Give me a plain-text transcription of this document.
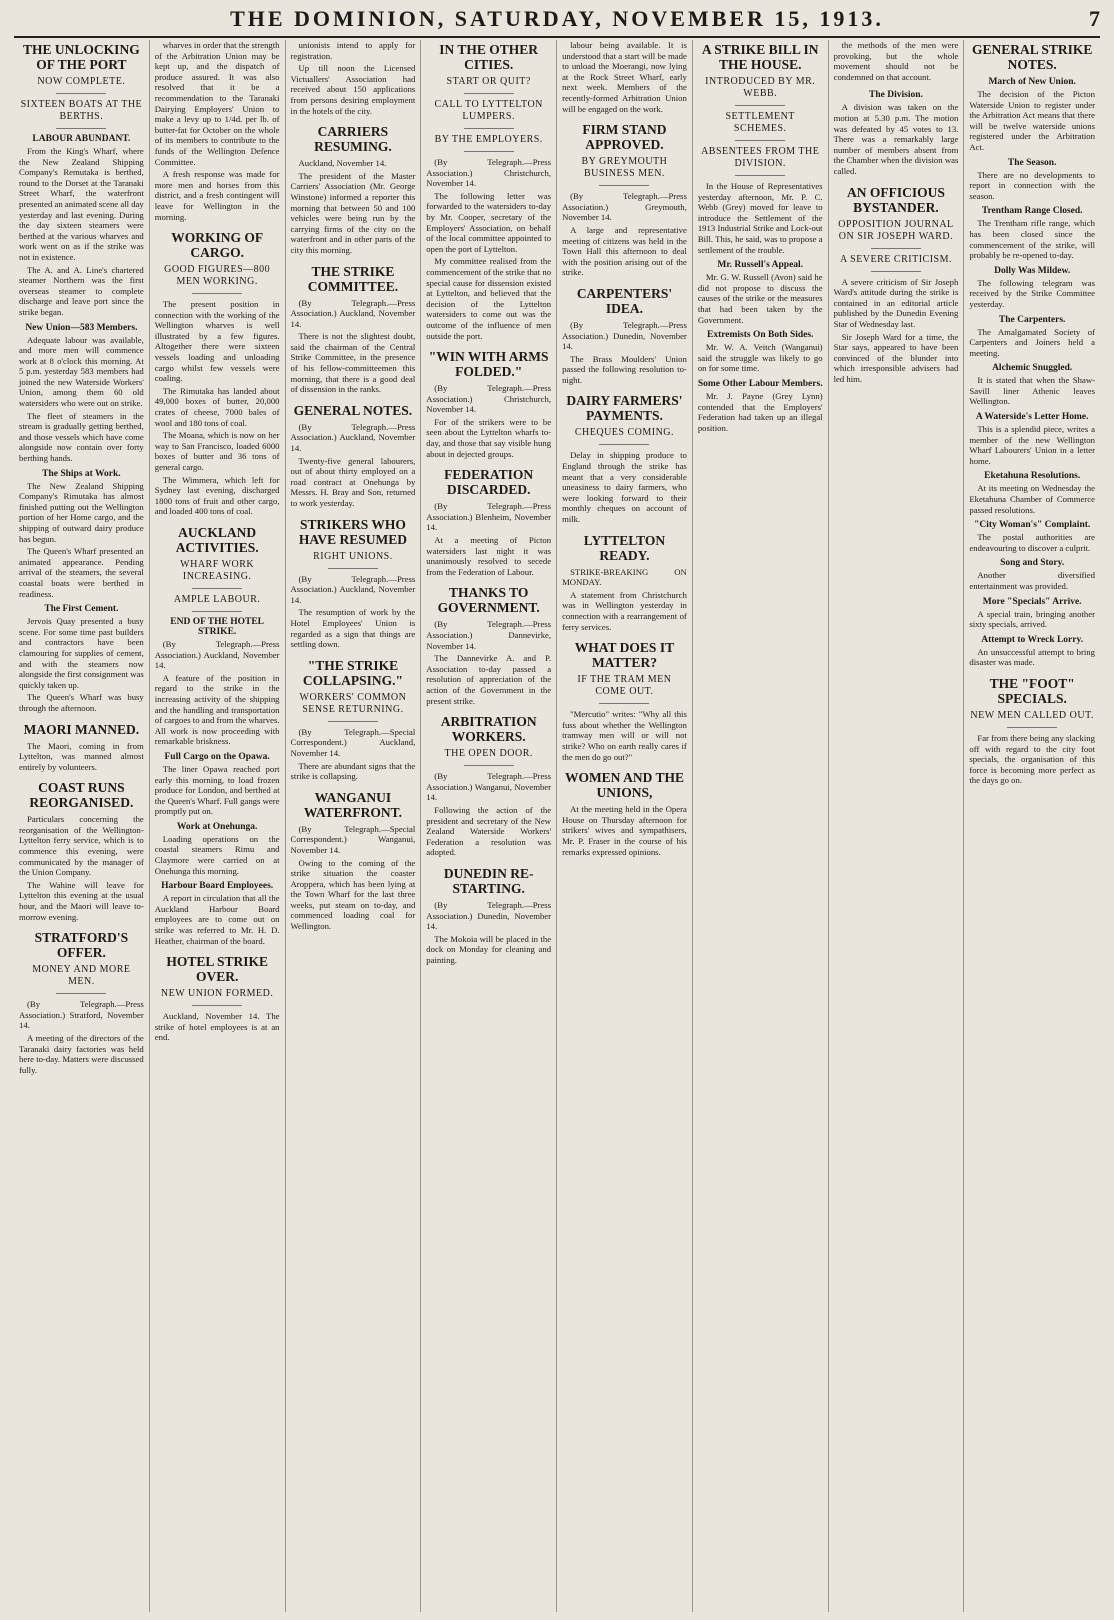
THE DOMINION, SATURDAY, NOVEMBER 15, 1913.	7
THE UNLOCKING OF THE PORT
NOW COMPLETE.
SIXTEEN BOATS AT THE BERTHS.
LABOUR ABUNDANT.

From the King's Wharf, where the New Zealand Shipping Company's Remutaka is berthed, round to the Dorset at the Taranaki Street Wharf, the waterfront presented an animated scene all day yesterday and last evening. During the day sixteen steamers were berthed at the various wharves and work went on as if the strike was not in existence.

The A. and A. Line's chartered steamer Northern was the first overseas steamer to complete discharge and leave port since the strike began.

New Union—583 Members.

Adequate labour was available, and more men will commence work at 8 o'clock this morning. At 5 p.m. yesterday 583 members had joined the new Waterside Workers' Union, among them 60 old watersiders who were out on strike.

The fleet of steamers in the stream is gradually getting berthed, and those vessels which have come alongside now contain over forty berthing hands.

The Ships at Work.

The New Zealand Shipping Company's Rimutaka has almost finished putting out the Wellington portion of her Home cargo, and the shipping of outward dairy produce has begun.

The Queen's Wharf presented an animated appearance. Pending arrival of the steamers, the several coastal boats were berthed in readiness.

The First Cement.

Jervois Quay presented a busy scene. For some time past builders and contractors have been clamouring for supplies of cement, and with the steamers now alongside the first consignment was quickly taken up.

The Queen's Wharf was busy through the afternoon.

MAORI MANNED.

The Maori, coming in from Lyttelton, was manned almost entirely by volunteers.

COAST RUNS REORGANISED.

Particulars concerning the reorganisation of the Wellington-Lyttelton ferry service, which is to commence this evening, were communicated by the manager of the Union Company.

The Wahine will leave for Lyttelton this evening at the usual hour, and the Maori will leave to-morrow evening.

STRATFORD'S OFFER.
MONEY AND MORE MEN.

(By Telegraph.—Press Association.) Stratford, November 14.

A meeting of the directors of the Taranaki dairy factories was held here to-day. Matters were discussed fully.

wharves in order that the strength of the Arbitration Union may be kept up, and the dispatch of produce assured. It was also resolved that it be a recommendation to the Taranaki Dairying Employers' Union to make a levy up to 1/4d. per lb. of butter-fat for October on the whole of its members to contribute to the funds of the Wellington Defence Committee.

A fresh response was made for more men and horses from this district, and a fresh contingent will leave for Wellington in the morning.

WORKING OF CARGO.
GOOD FIGURES—800 MEN WORKING.

The present position in connection with the working of the Wellington wharves is well illustrated by a few figures. Altogether there were sixteen vessels loading and unloading cargo whilst few vessels were coaling.

The Rimutaka has landed about 49,000 boxes of butter, 20,000 crates of cheese, 7000 bales of wool and 180 tons of coal.

The Moana, which is now on her way to San Francisco, loaded 6000 boxes of butter and 36 tons of general cargo.

The Wimmera, which left for Sydney last evening, discharged 1800 tons of fruit and other cargo, and loaded 400 tons of coal.

AUCKLAND ACTIVITIES.
WHARF WORK INCREASING.
AMPLE LABOUR.
END OF THE HOTEL STRIKE.

(By Telegraph.—Press Association.) Auckland, November 14.

A feature of the position in regard to the strike in the increasing activity of the shipping and the handling and transportation of cargoes to and from the wharves. All work is now proceeding with remarkable briskness.

Full Cargo on the Opawa.

The liner Opawa reached port early this morning, to load frozen produce for London, and berthed at the Queen's Wharf. Full gangs were promptly put on.

Work at Onehunga.

Loading operations on the coastal steamers Rimu and Claymore were carried on at Onehunga this morning.

Harbour Board Employees.

A report in circulation that all the Auckland Harbour Board employees are to come out on strike was referred to Mr. H. D. Heather, chairman of the board.

HOTEL STRIKE OVER.
NEW UNION FORMED.

Auckland, November 14. The strike of hotel employees is at an end.

unionists intend to apply for registration.

Up till noon the Licensed Victuallers' Association had received about 150 applications from persons desiring employment in the hotels of the city.

CARRIERS RESUMING.

Auckland, November 14.

The president of the Master Carriers' Association (Mr. George Winstone) informed a reporter this morning that between 50 and 100 vehicles were being run by the carrying firms of the city on the waterfront and in other parts of the city this morning.

THE STRIKE COMMITTEE.

(By Telegraph.—Press Association.) Auckland, November 14.

There is not the slightest doubt, said the chairman of the Central Strike Committee, in the presence of his fellow-committeemen this morning, that there is a good deal of dissension in the ranks.

GENERAL NOTES.

(By Telegraph.—Press Association.) Auckland, November 14.

Twenty-five general labourers, out of about thirty employed on a road contract at Onehunga by Messrs. H. Bray and Son, returned to work yesterday.

STRIKERS WHO HAVE RESUMED
RIGHT UNIONS.

(By Telegraph.—Press Association.) Auckland, November 14.

The resumption of work by the Hotel Employees' Union is regarded as a sign that things are settling down.

"THE STRIKE COLLAPSING."
WORKERS' COMMON SENSE RETURNING.

(By Telegraph.—Special Correspondent.) Auckland, November 14.

There are abundant signs that the strike is collapsing.

WANGANUI WATERFRONT.

(By Telegraph.—Special Correspondent.) Wanganui, November 14.

Owing to the coming of the strike situation the coaster Aroppera, which has been lying at the Town Wharf for the last three weeks, put steam on to-day, and commenced loading coal for Wellington.

IN THE OTHER CITIES.
START OR QUIT?
CALL TO LYTTELTON LUMPERS.
BY THE EMPLOYERS.

(By Telegraph.—Press Association.) Christchurch, November 14.

The following letter was forwarded to the watersiders to-day by Mr. Cooper, secretary of the Employers' Association, on behalf of the local committee appointed to open the port of Lyttelton.

My committee realised from the commencement of the strike that no special cause for dissension existed at Lyttelton, and believed that the decision of the Lyttelton watersiders to come out was the outcome of the influence of men outside the port.

"WIN WITH ARMS FOLDED."

(By Telegraph.—Press Association.) Christchurch, November 14.

For of the strikers were to be seen about the Lyttelton wharfs to-day, and those that say visible hung about in dejected groups.

FEDERATION DISCARDED.

(By Telegraph.—Press Association.) Blenheim, November 14.

At a meeting of Picton watersiders last night it was unanimously resolved to secede from the Federation of Labour.

THANKS TO GOVERNMENT.

(By Telegraph.—Press Association.) Dannevirke, November 14.

The Dannevirke A. and P. Association to-day passed a resolution of appreciation of the action of the Government in the present strike.

ARBITRATION WORKERS.
THE OPEN DOOR.

(By Telegraph.—Press Association.) Wanganui, November 14.

Following the action of the president and secretary of the New Zealand Waterside Workers' Federation a resolution was adopted.

DUNEDIN RE-STARTING.

(By Telegraph.—Press Association.) Dunedin, November 14.

The Mokoia will be placed in the dock on Monday for cleaning and painting.

labour being available. It is understood that a start will be made to unload the Moerangi, now lying at the Rock Street Wharf, early next week. Members of the recently-formed Arbitration Union will be engaged on the work.

FIRM STAND APPROVED.
BY GREYMOUTH BUSINESS MEN.

(By Telegraph.—Press Association.) Greymouth, November 14.

A large and representative meeting of citizens was held in the Town Hall this afternoon to deal with the position arising out of the strike.

CARPENTERS' IDEA.

(By Telegraph.—Press Association.) Dunedin, November 14.

The Brass Moulders' Union passed the following resolution to-night.

DAIRY FARMERS' PAYMENTS.
CHEQUES COMING.

Delay in shipping produce to England through the strike has meant that a very considerable uneasiness to dairy farmers, who were looking forward to their monthly cheques on account of milk.

LYTTELTON READY.

STRIKE-BREAKING ON MONDAY.

A statement from Christchurch was in Wellington yesterday in connection with a rearrangement of ferry services.

WHAT DOES IT MATTER?
IF THE TRAM MEN COME OUT.

"Mercutio" writes: "Why all this fuss about whether the Wellington tramway men will or will not strike? Who on earth really cares if the men do go out?"

WOMEN AND THE UNIONS,

At the meeting held in the Opera House on Thursday afternoon for strikers' wives and sympathisers, Mr. P. Fraser in the course of his remarks expressed opinions.

A STRIKE BILL IN THE HOUSE.
INTRODUCED BY MR. WEBB.
SETTLEMENT SCHEMES.
ABSENTEES FROM THE DIVISION.

In the House of Representatives yesterday afternoon, Mr. P. C. Webb (Grey) moved for leave to introduce the Settlement of the 1913 Industrial Strike and Lock-out Bill. This, he said, was to propose a settlement of the trouble.

Mr. Russell's Appeal.

Mr. G. W. Russell (Avon) said he did not propose to discuss the causes of the strike or the measures that had been taken by the Government.

Extremists On Both Sides.

Mr. W. A. Veitch (Wanganui) said the struggle was likely to go on for some time.

Some Other Labour Members.

Mr. J. Payne (Grey Lynn) contended that the Employers' Federation had taken up an illegal position.

the methods of the men were provoking, but the whole movement should not be condemned on that account.

The Division.

A division was taken on the motion at 5.30 p.m. The motion was defeated by 45 votes to 13. There was a remarkably large number of members absent from the Chamber when the division was called.

AN OFFICIOUS BYSTANDER.
OPPOSITION JOURNAL ON SIR JOSEPH WARD.
A SEVERE CRITICISM.

A severe criticism of Sir Joseph Ward's attitude during the strike is contained in an editorial article published by the Dunedin Evening Star of Wednesday last.

Sir Joseph Ward for a time, the Star says, appeared to have been convinced of the blunder into which irresponsible advisers had led him.

GENERAL STRIKE NOTES.
March of New Union.

The decision of the Picton Waterside Union to register under the Arbitration Act means that there will be twelve waterside unions registered under the Arbitration Act.

The Season.

There are no developments to report in connection with the season.

Trentham Range Closed.

The Trentham rifle range, which has been closed since the commencement of the strike, will probably be re-opened to-day.

Dolly Was Mildew.

The following telegram was received by the Strike Committee yesterday.

The Carpenters.

The Amalgamated Society of Carpenters and Joiners held a meeting.

Alchemic Snuggled.

It is stated that when the Shaw-Savill liner Athenic leaves Wellington.

A Waterside's Letter Home.

This is a splendid piece, writes a member of the new Wellington Wharf Labourers' Union in a letter home.

Eketahuna Resolutions.

At its meeting on Wednesday the Eketahuna Chamber of Commerce passed resolutions.

"City Woman's" Complaint.

The postal authorities are endeavouring to discover a culprit.

Song and Story.

Another diversified entertainment was provided.

More "Specials" Arrive.

A special train, bringing another sixty specials, arrived.

Attempt to Wreck Lorry.

An unsuccessful attempt to bring disaster was made.

THE "FOOT" SPECIALS.
NEW MEN CALLED OUT.

Far from there being any slacking off with regard to the city foot specials, the organisation of this force is becoming more perfect as the days go on.
